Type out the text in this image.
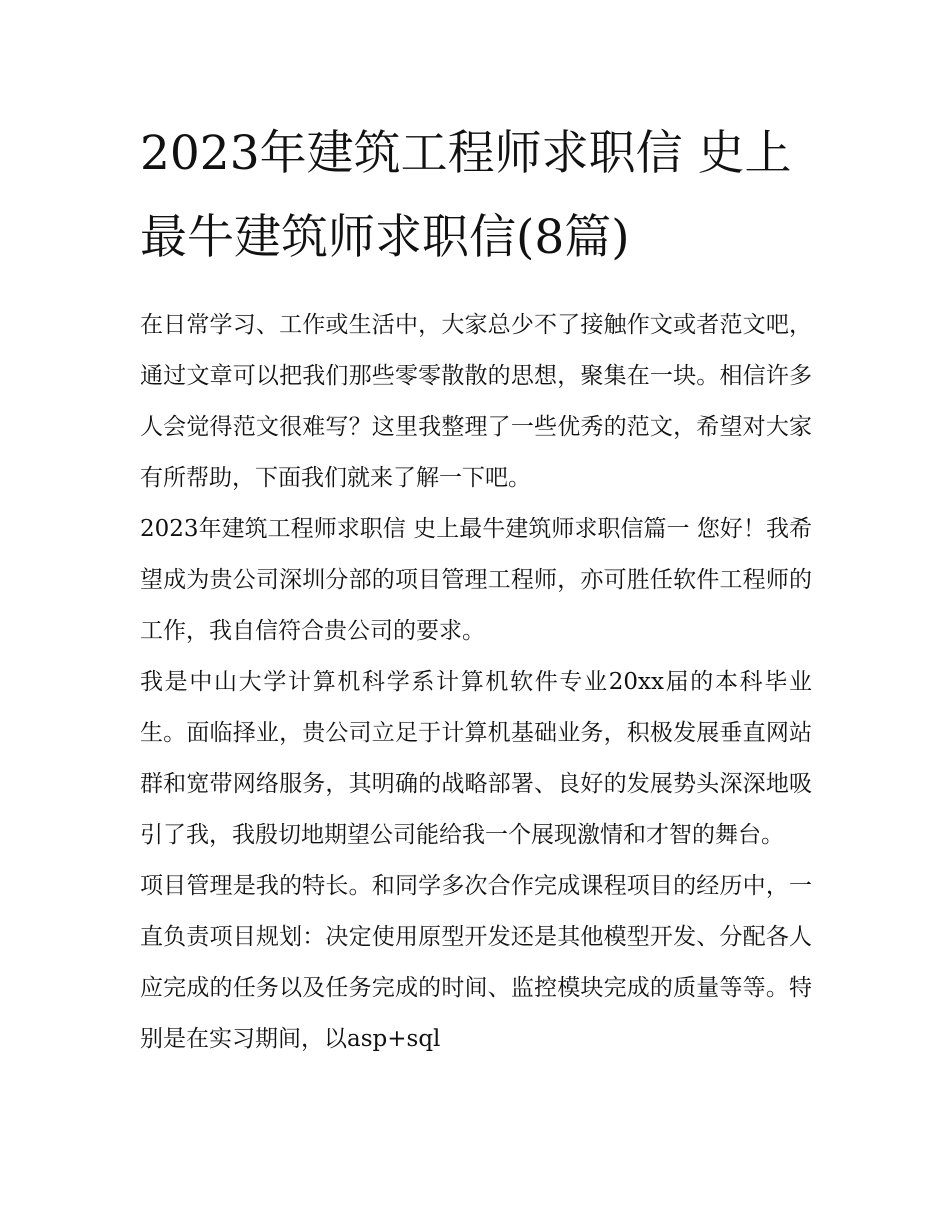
2023年建筑工程师求职信 史上最牛建筑师求职信(8篇)

在日常学习、工作或生活中，大家总少不了接触作文或者范文吧，通过文章可以把我们那些零零散散的思想，聚集在一块。相信许多人会觉得范文很难写？这里我整理了一些优秀的范文，希望对大家有所帮助，下面我们就来了解一下吧。

2023年建筑工程师求职信 史上最牛建筑师求职信篇一 您好！我希望成为贵公司深圳分部的项目管理工程师，亦可胜任软件工程师的工作，我自信符合贵公司的要求。

我是中山大学计算机科学系计算机软件专业20xx届的本科毕业生。面临择业，贵公司立足于计算机基础业务，积极发展垂直网站群和宽带网络服务，其明确的战略部署、良好的发展势头深深地吸引了我，我殷切地期望公司能给我一个展现激情和才智的舞台。

项目管理是我的特长。和同学多次合作完成课程项目的经历中，一直负责项目规划：决定使用原型开发还是其他模型开发、分配各人应完成的任务以及任务完成的时间、监控模块完成的质量等等。特别是在实习期间，以asp+sql
